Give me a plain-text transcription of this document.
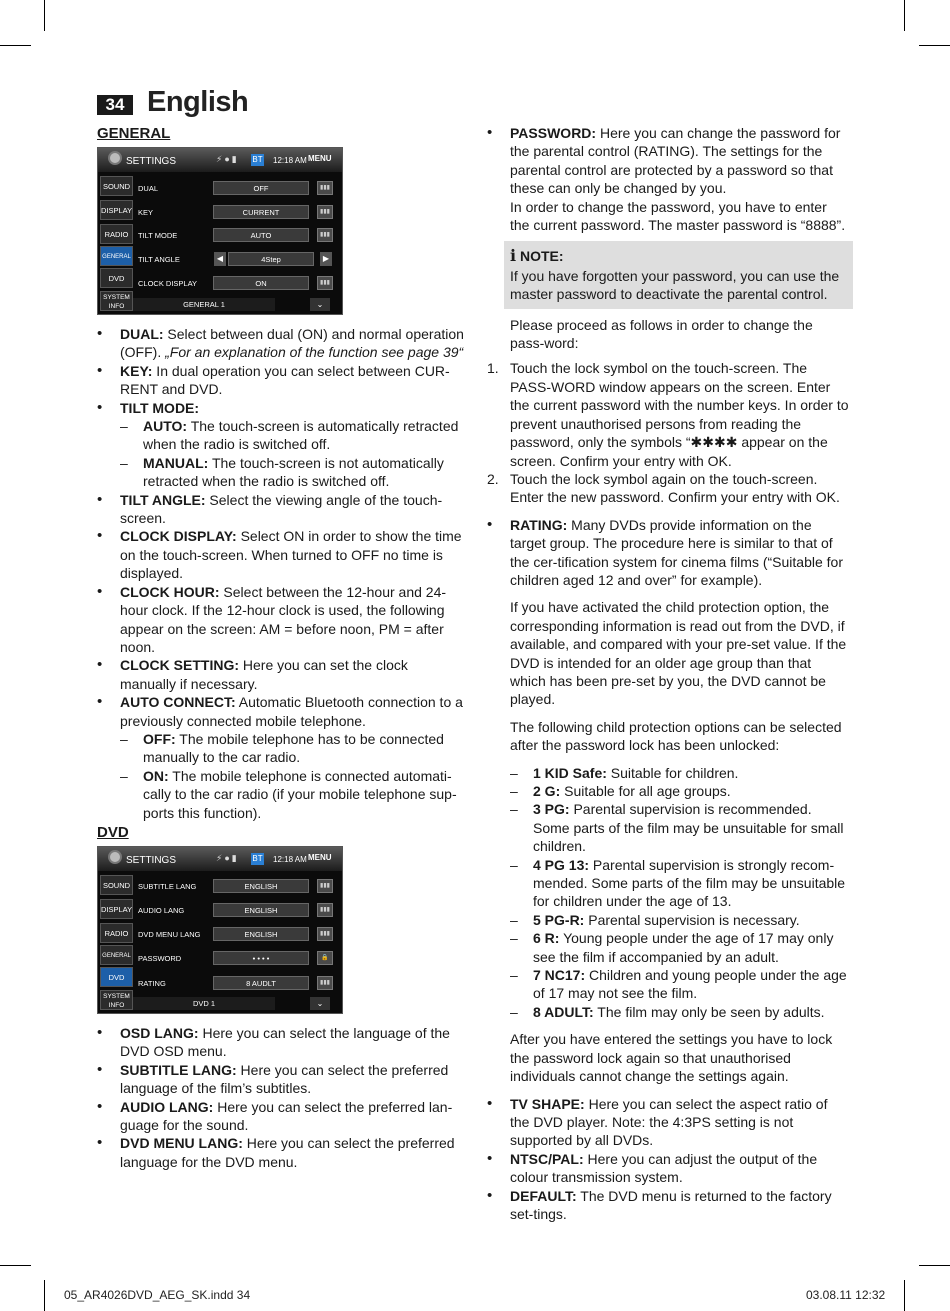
34 English
GENERAL
SETTINGS	⚡●▮ BT 12:18 AM MENU
SOUND
DISPLAY
RADIO
GENERAL
DVD
SYSTEM INFO
DUAL	OFF	▮▮▮
KEY	CURRENT	▮▮▮
TILT MODE	AUTO	▮▮▮
TILT ANGLE	◀	4Step	▶
CLOCK DISPLAY	ON	▮▮▮
GENERAL 1	⌄

• DUAL: Select between dual (ON) and normal operation (OFF). „For an explanation of the function see page 39“

• KEY: In dual operation you can select between CUR-RENT and DVD.

• TILT MODE:

– AUTO: The touch-screen is automatically retracted when the radio is switched off.

– MANUAL: The touch-screen is not automatically retracted when the radio is switched off.

• TILT ANGLE: Select the viewing angle of the touch-screen.

• CLOCK DISPLAY: Select ON in order to show the time on the touch-screen. When turned to OFF no time is displayed.

• CLOCK HOUR: Select between the 12-hour and 24-hour clock. If the 12-hour clock is used, the following appear on the screen: AM = before noon, PM = after noon.

• CLOCK SETTING: Here you can set the clock manually if necessary.

• AUTO CONNECT: Automatic Bluetooth connection to a previously connected mobile telephone.

– OFF: The mobile telephone has to be connected manually to the car radio.

– ON: The mobile telephone is connected automati-cally to the car radio (if your mobile telephone sup-ports this function).

DVD
SETTINGS	⚡●▮ BT 12:18 AM MENU
SOUND
DISPLAY
RADIO
GENERAL
DVD
SYSTEM INFO
SUBTITLE LANG	ENGLISH	▮▮▮
AUDIO LANG	ENGLISH	▮▮▮
DVD MENU LANG	ENGLISH	▮▮▮
PASSWORD	• • • •	🔒
RATING	8 AUDLT	▮▮▮
DVD 1	⌄

• OSD LANG: Here you can select the language of the DVD OSD menu.

• SUBTITLE LANG: Here you can select the preferred language of the film’s subtitles.

• AUDIO LANG: Here you can select the preferred lan-guage for the sound.

• DVD MENU LANG: Here you can select the preferred language for the DVD menu.

• PASSWORD: Here you can change the password for the parental control (RATING). The settings for the parental control are protected by a password so that these can only be changed by you.

In order to change the password, you have to enter the current password. The master password is “8888”.

ℹ NOTE:
If you have forgotten your password, you can use the master password to deactivate the parental control.

Please proceed as follows in order to change the pass-word:

1. Touch the lock symbol on the touch-screen. The PASS-WORD window appears on the screen. Enter the current password with the number keys. In order to prevent unauthorised persons from reading the password, only the symbols “✱✱✱✱ appear on the screen. Confirm your entry with OK.

2. Touch the lock symbol again on the touch-screen. Enter the new password. Confirm your entry with OK.

• RATING: Many DVDs provide information on the target group. The procedure here is similar to that of the cer-tification system for cinema films (“Suitable for children aged 12 and over” for example).

If you have activated the child protection option, the corresponding information is read out from the DVD, if available, and compared with your pre-set value. If the DVD is intended for an older age group than that which has been pre-set by you, the DVD cannot be played.

The following child protection options can be selected after the password lock has been unlocked:

– 1 KID Safe: Suitable for children.

– 2 G: Suitable for all age groups.

– 3 PG: Parental supervision is recommended. Some parts of the film may be unsuitable for small children.

– 4 PG 13: Parental supervision is strongly recom-mended. Some parts of the film may be unsuitable for children under the age of 13.

– 5 PG-R: Parental supervision is necessary.

– 6 R: Young people under the age of 17 may only see the film if accompanied by an adult.

– 7 NC17: Children and young people under the age of 17 may not see the film.

– 8 ADULT: The film may only be seen by adults.

After you have entered the settings you have to lock the password lock again so that unauthorised individuals cannot change the settings again.

• TV SHAPE: Here you can select the aspect ratio of the DVD player. Note: the 4:3PS setting is not supported by all DVDs.

• NTSC/PAL: Here you can adjust the output of the colour transmission system.

• DEFAULT: The DVD menu is returned to the factory set-tings.

05_AR4026DVD_AEG_SK.indd 34	03.08.11 12:32
